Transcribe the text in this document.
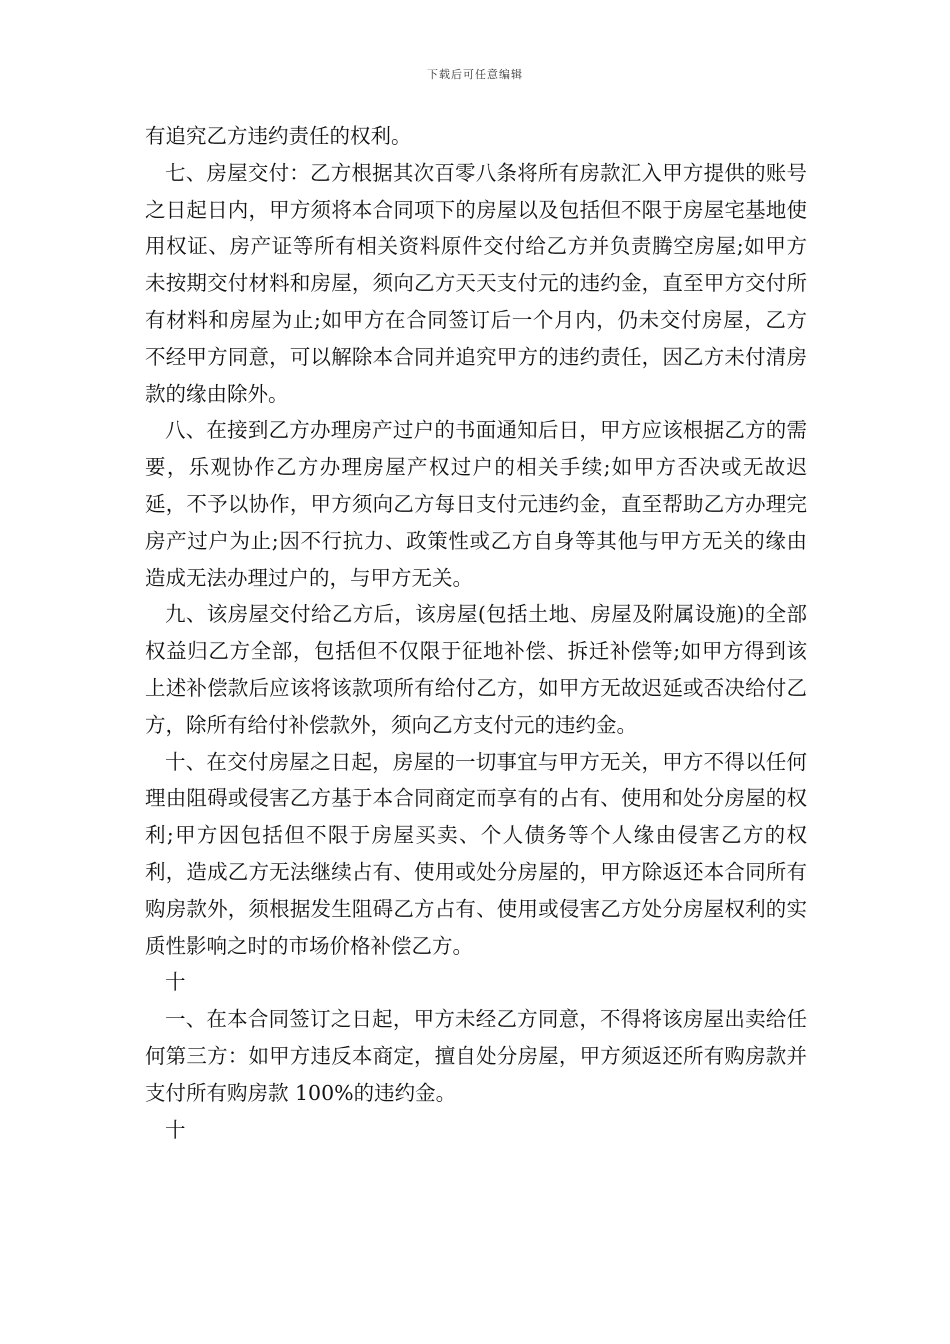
下载后可任意编辑

有追究乙方违约责任的权利。

七、房屋交付：乙方根据其次百零八条将所有房款汇入甲方提供的账号之日起日内，甲方须将本合同项下的房屋以及包括但不限于房屋宅基地使用权证、房产证等所有相关资料原件交付给乙方并负责腾空房屋;如甲方未按期交付材料和房屋，须向乙方天天支付元的违约金，直至甲方交付所有材料和房屋为止;如甲方在合同签订后一个月内，仍未交付房屋，乙方不经甲方同意，可以解除本合同并追究甲方的违约责任，因乙方未付清房款的缘由除外。

八、在接到乙方办理房产过户的书面通知后日，甲方应该根据乙方的需要，乐观协作乙方办理房屋产权过户的相关手续;如甲方否决或无故迟延，不予以协作，甲方须向乙方每日支付元违约金，直至帮助乙方办理完房产过户为止;因不行抗力、政策性或乙方自身等其他与甲方无关的缘由造成无法办理过户的，与甲方无关。

九、该房屋交付给乙方后，该房屋(包括土地、房屋及附属设施)的全部权益归乙方全部，包括但不仅限于征地补偿、拆迁补偿等;如甲方得到该上述补偿款后应该将该款项所有给付乙方，如甲方无故迟延或否决给付乙方，除所有给付补偿款外，须向乙方支付元的违约金。

十、在交付房屋之日起，房屋的一切事宜与甲方无关，甲方不得以任何理由阻碍或侵害乙方基于本合同商定而享有的占有、使用和处分房屋的权利;甲方因包括但不限于房屋买卖、个人债务等个人缘由侵害乙方的权利，造成乙方无法继续占有、使用或处分房屋的，甲方除返还本合同所有购房款外，须根据发生阻碍乙方占有、使用或侵害乙方处分房屋权利的实质性影响之时的市场价格补偿乙方。

十

一、在本合同签订之日起，甲方未经乙方同意，不得将该房屋出卖给任何第三方：如甲方违反本商定，擅自处分房屋，甲方须返还所有购房款并支付所有购房款 100%的违约金。

十
